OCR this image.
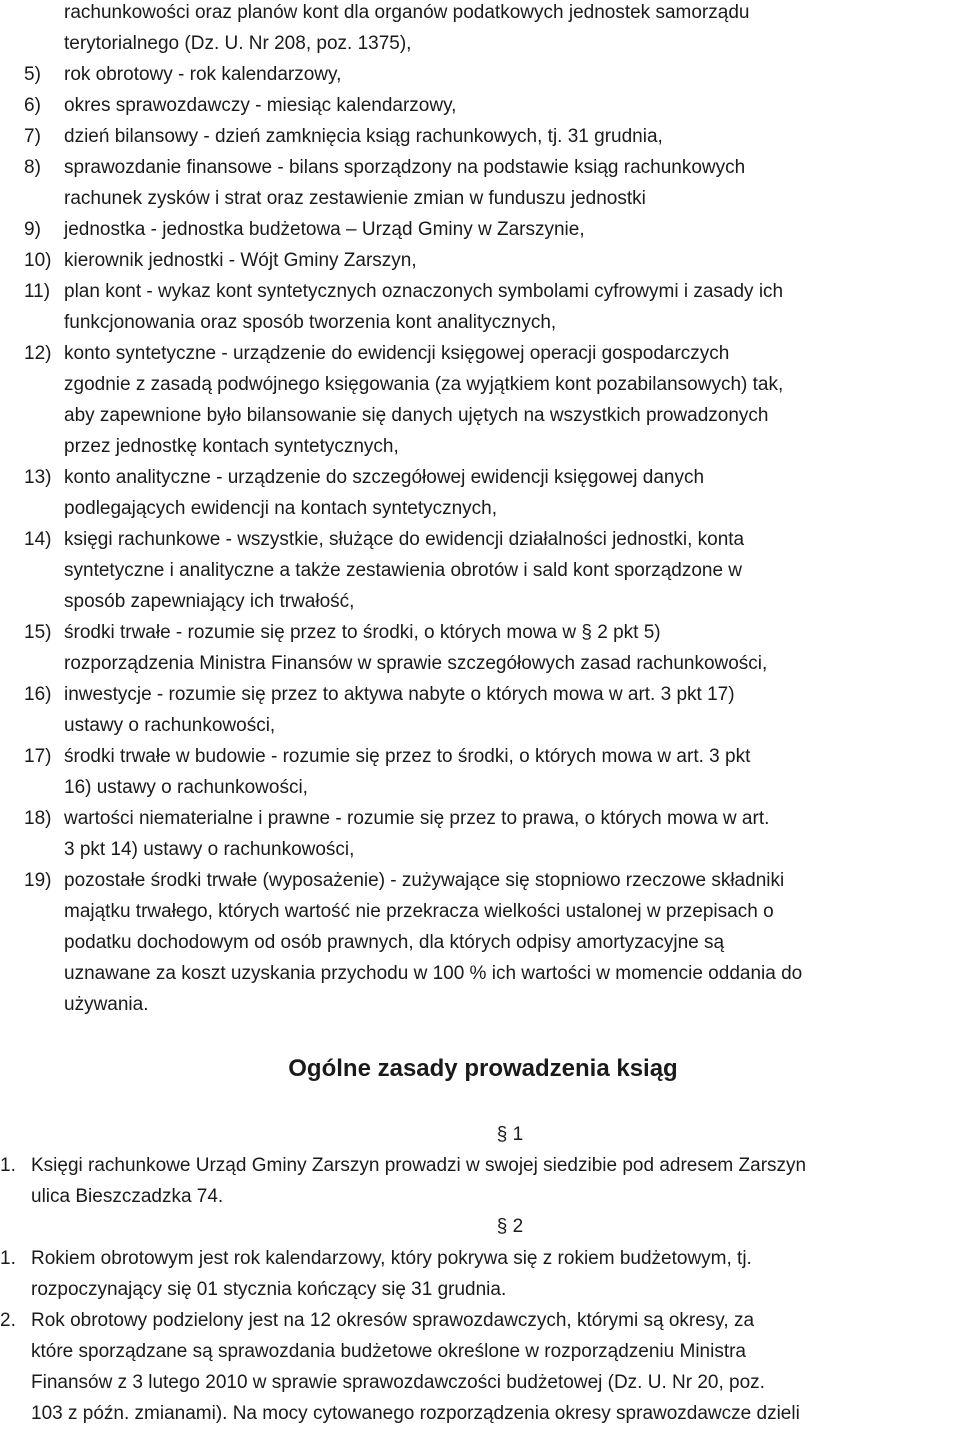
rachunkowości oraz planów kont dla organów podatkowych jednostek samorządu
terytorialnego (Dz. U. Nr 208, poz. 1375),
5)	rok obrotowy - rok kalendarzowy,
6)	okres sprawozdawczy - miesiąc kalendarzowy,
7)	dzień bilansowy - dzień zamknięcia ksiąg rachunkowych, tj. 31 grudnia,
8)	sprawozdanie finansowe - bilans sporządzony na podstawie ksiąg rachunkowych
rachunek zysków i strat oraz zestawienie zmian w funduszu jednostki
9)	jednostka - jednostka budżetowa – Urząd Gminy w Zarszynie,
10) kierownik jednostki - Wójt Gminy Zarszyn,
11) plan kont - wykaz kont syntetycznych oznaczonych symbolami cyfrowymi i zasady ich
funkcjonowania oraz sposób tworzenia kont analitycznych,
12) konto syntetyczne - urządzenie do ewidencji księgowej operacji gospodarczych
zgodnie z zasadą podwójnego księgowania (za wyjątkiem kont pozabilansowych) tak,
aby zapewnione było bilansowanie się danych ujętych na wszystkich prowadzonych
przez jednostkę kontach syntetycznych,
13) konto analityczne - urządzenie do szczegółowej ewidencji księgowej danych
podlegających ewidencji na kontach syntetycznych,
14) księgi rachunkowe - wszystkie, służące do ewidencji działalności jednostki, konta
syntetyczne i analityczne a także zestawienia obrotów i sald kont sporządzone w
sposób zapewniający ich trwałość,
15) środki trwałe - rozumie się przez to środki, o których mowa w § 2 pkt 5)
rozporządzenia Ministra Finansów w sprawie szczegółowych zasad rachunkowości,
16) inwestycje - rozumie się przez to aktywa nabyte o których mowa w art. 3 pkt 17)
ustawy o rachunkowości,
17) środki trwałe w budowie - rozumie się przez to środki, o których mowa w art. 3 pkt
16) ustawy o rachunkowości,
18) wartości niematerialne i prawne - rozumie się przez to prawa, o których mowa w art.
3 pkt 14) ustawy o rachunkowości,
19) pozostałe środki trwałe (wyposażenie) - zużywające się stopniowo rzeczowe składniki
majątku trwałego, których wartość nie przekracza wielkości ustalonej w przepisach o
podatku dochodowym od osób prawnych, dla których odpisy amortyzacyjne są
uznawane za koszt uzyskania przychodu w 100 % ich wartości w momencie oddania do
używania.
Ogólne zasady prowadzenia ksiąg
§ 1
1. Księgi rachunkowe Urząd Gminy Zarszyn prowadzi w swojej siedzibie pod adresem Zarszyn
ulica Bieszczadzka 74.
§ 2
1. Rokiem obrotowym jest rok kalendarzowy, który pokrywa się z rokiem budżetowym, tj.
rozpoczynający się 01 stycznia kończący się 31 grudnia.
2. Rok obrotowy podzielony jest na 12 okresów sprawozdawczych, którymi są okresy, za
które sporządzane są sprawozdania budżetowe określone w rozporządzeniu Ministra
Finansów z 3 lutego 2010 w sprawie sprawozdawczości budżetowej (Dz. U. Nr 20, poz.
103 z późn. zmianami). Na mocy cytowanego rozporządzenia okresy sprawozdawcze dzieli
